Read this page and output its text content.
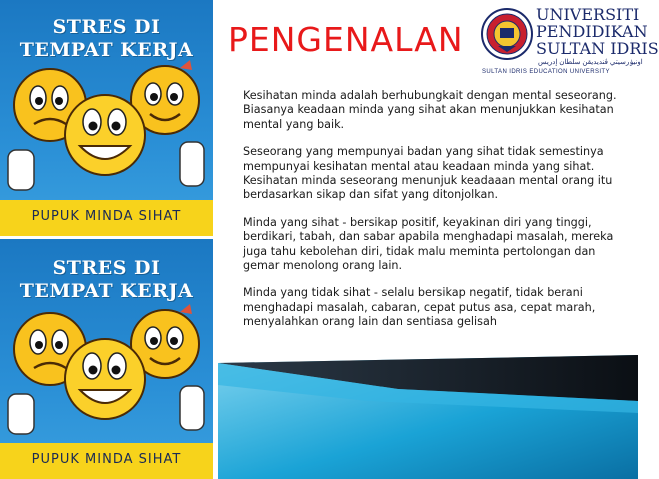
STRES DI
TEMPAT KERJA
PUPUK MINDA SIHAT
STRES DI
TEMPAT KERJA
PUPUK MINDA SIHAT
PENGENALAN
UNIVERSITI
PENDIDIKAN
SULTAN IDRIS
اونيۏرسيتي ڤنديديقن سلطان إدريس
SULTAN IDRIS EDUCATION UNIVERSITY

Kesihatan minda adalah berhubungkait dengan mental seseorang. Biasanya keadaan minda yang sihat akan menunjukkan kesihatan mental yang baik.

Seseorang yang mempunyai badan yang sihat tidak semestinya mempunyai kesihatan mental atau keadaan minda yang sihat. Kesihatan minda seseorang menunjuk keadaaan mental orang itu berdasarkan sikap dan sifat yang ditonjolkan.

Minda yang sihat - bersikap positif, keyakinan diri yang tinggi, berdikari, tabah, dan sabar apabila menghadapi masalah, mereka juga tahu kebolehan diri, tidak malu meminta pertolongan dan gemar menolong orang lain.

Minda yang tidak sihat - selalu bersikap negatif, tidak berani menghadapi masalah, cabaran, cepat putus asa, cepat marah, menyalahkan orang lain dan sentiasa gelisah
